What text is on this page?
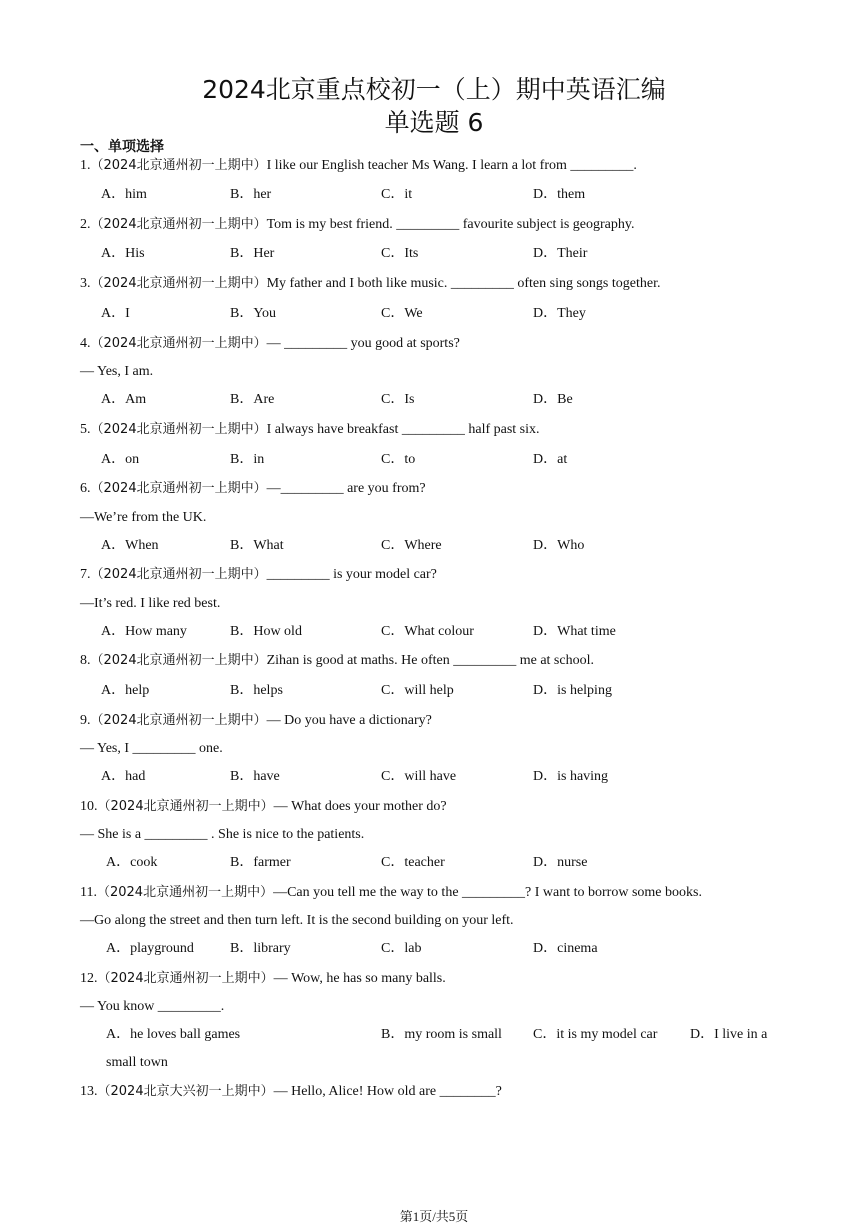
2024北京重点校初一（上）期中英语汇编
单选题 6
一、单项选择
1.（2024北京通州初一上期中）I like our English teacher Ms Wang. I learn a lot from _________.
A．him	B．her	C．it	D．them
2.（2024北京通州初一上期中）Tom is my best friend. _________ favourite subject is geography.
A．His	B．Her	C．Its	D．Their
3.（2024北京通州初一上期中）My father and I both like music. _________ often sing songs together.
A．I	B．You	C．We	D．They
4.（2024北京通州初一上期中）— _________ you good at sports?
— Yes, I am.
A．Am	B．Are	C．Is	D．Be
5.（2024北京通州初一上期中）I always have breakfast _________ half past six.
A．on	B．in	C．to	D．at
6.（2024北京通州初一上期中）—_________ are you from?
—We’re from the UK.
A．When	B．What	C．Where	D．Who
7.（2024北京通州初一上期中）_________ is your model car?
—It’s red. I like red best.
A．How many	B．How old	C．What colour	D．What time
8.（2024北京通州初一上期中）Zihan is good at maths. He often _________ me at school.
A．help	B．helps	C．will help	D．is helping
9.（2024北京通州初一上期中）— Do you have a dictionary?
— Yes, I _________ one.
A．had	B．have	C．will have	D．is having
10.（2024北京通州初一上期中）— What does your mother do?
— She is a _________ . She is nice to the patients.
A．cook	B．farmer	C．teacher	D．nurse
11.（2024北京通州初一上期中）—Can you tell me the way to the _________? I want to borrow some books.
—Go along the street and then turn left. It is the second building on your left.
A．playground	B．library	C．lab	D．cinema
12.（2024北京通州初一上期中）— Wow, he has so many balls.
— You know _________.
A．he loves ball games	B．my room is small C．it is my model car D．I live in a
small town
13.（2024北京大兴初一上期中）— Hello, Alice! How old are ________?
第1页/共5页
